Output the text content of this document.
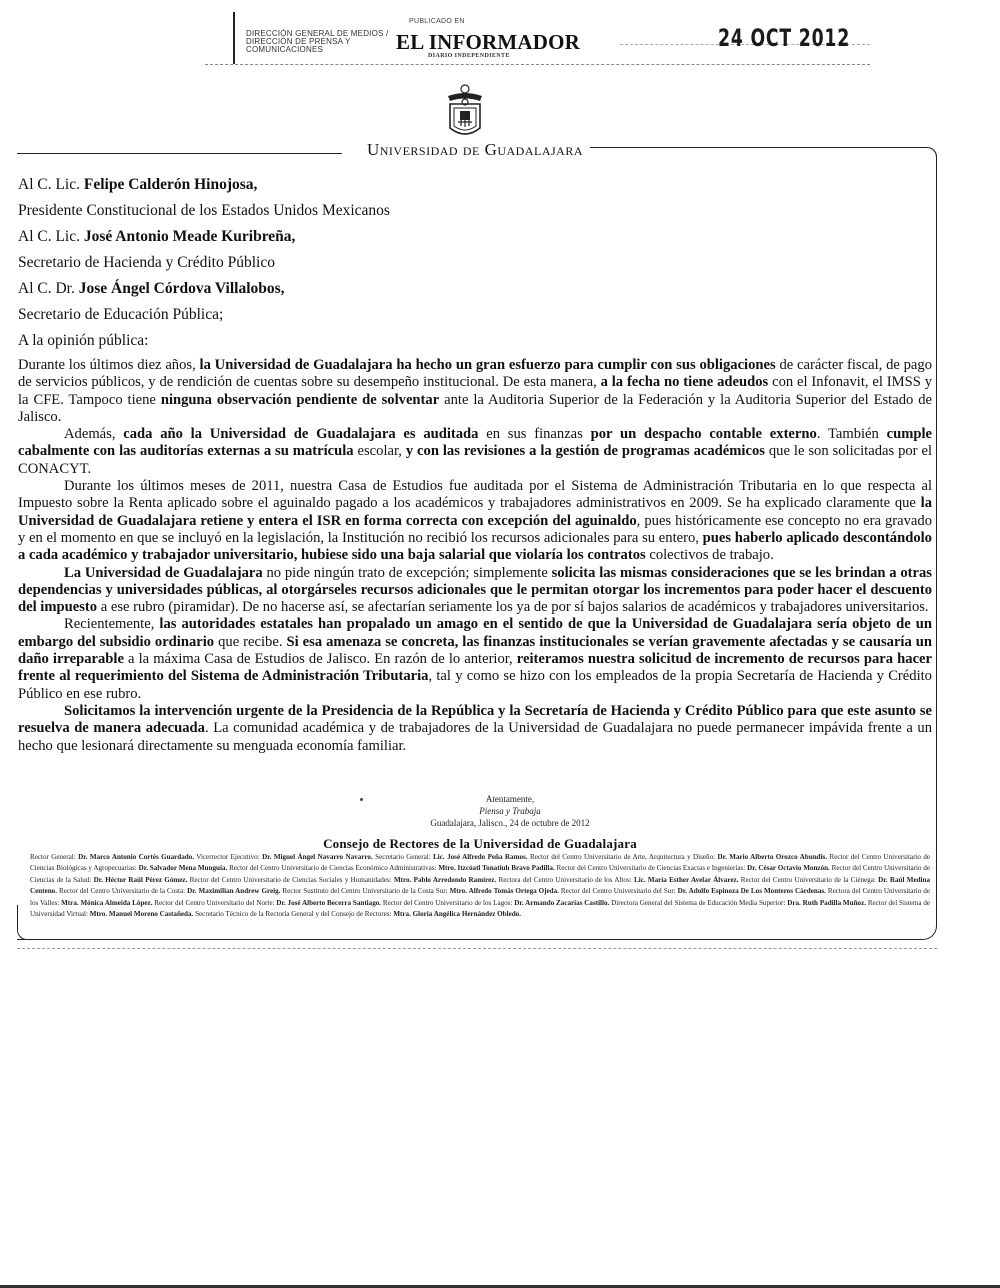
DIRECCIÓN GENERAL DE MEDIOS /
DIRECCIÓN DE PRENSA Y
COMUNICACIONES
PUBLICADO EN
EL INFORMADOR
DIARIO INDEPENDIENTE
24 OCT 2012
Universidad de Guadalajara
Al C. Lic. Felipe Calderón Hinojosa,
Presidente Constitucional de los Estados Unidos Mexicanos
Al C. Lic. José Antonio Meade Kuribreña,
Secretario de Hacienda y Crédito Público
Al C. Dr. Jose Ángel Córdova Villalobos,
Secretario de Educación Pública;
A la opinión pública:

Durante los últimos diez años, la Universidad de Guadalajara ha hecho un gran esfuerzo para cumplir con sus obligaciones de carácter fiscal, de pago de servicios públicos, y de rendición de cuentas sobre su desempeño institucional. De esta manera, a la fecha no tiene adeudos con el Infonavit, el IMSS y la CFE. Tampoco tiene ninguna observación pendiente de solventar ante la Auditoria Superior de la Federación y la Auditoria Superior del Estado de Jalisco.

Además, cada año la Universidad de Guadalajara es auditada en sus finanzas por un despacho contable externo. También cumple cabalmente con las auditorías externas a su matrícula escolar, y con las revisiones a la gestión de programas académicos que le son solicitadas por el CONACYT.

Durante los últimos meses de 2011, nuestra Casa de Estudios fue auditada por el Sistema de Administración Tributaria en lo que respecta al Impuesto sobre la Renta aplicado sobre el aguinaldo pagado a los académicos y trabajadores administrativos en 2009. Se ha explicado claramente que la Universidad de Guadalajara retiene y entera el ISR en forma correcta con excepción del aguinaldo, pues históricamente ese concepto no era gravado y en el momento en que se incluyó en la legislación, la Institución no recibió los recursos adicionales para su entero, pues haberlo aplicado descontándolo a cada académico y trabajador universitario, hubiese sido una baja salarial que violaría los contratos colectivos de trabajo.

La Universidad de Guadalajara no pide ningún trato de excepción; simplemente solicita las mismas consideraciones que se les brindan a otras dependencias y universidades públicas, al otorgárseles recursos adicionales que le permitan otorgar los incrementos para poder hacer el descuento del impuesto a ese rubro (piramidar). De no hacerse así, se afectarían seriamente los ya de por sí bajos salarios de académicos y trabajadores universitarios.

Recientemente, las autoridades estatales han propalado un amago en el sentido de que la Universidad de Guadalajara sería objeto de un embargo del subsidio ordinario que recibe. Si esa amenaza se concreta, las finanzas institucionales se verían gravemente afectadas y se causaría un daño irreparable a la máxima Casa de Estudios de Jalisco. En razón de lo anterior, reiteramos nuestra solicitud de incremento de recursos para hacer frente al requerimiento del Sistema de Administración Tributaria, tal y como se hizo con los empleados de la propia Secretaría de Hacienda y Crédito Público en ese rubro.

Solicitamos la intervención urgente de la Presidencia de la República y la Secretaría de Hacienda y Crédito Público para que este asunto se resuelva de manera adecuada. La comunidad académica y de trabajadores de la Universidad de Guadalajara no puede permanecer impávida frente a un hecho que lesionará directamente su menguada economía familiar.

Atentamente,
Piensa y Trabaja
Guadalajara, Jalisco., 24 de octubre de 2012
Consejo de Rectores de la Universidad de Guadalajara
Rector General: Dr. Marco Antonio Cortés Guardado. Vicerrector Ejecutivo: Dr. Miguel Ángel Navarro Navarro. Secretario General: Lic. José Alfredo Peña Ramos. Rector del Centro Universitario de Arte, Arquitectura y Diseño: Dr. Mario Alberto Orozco Abundis. Rector del Centro Universitario de Ciencias Biológicas y Agropecuarias: Dr. Salvador Mena Munguía. Rector del Centro Universitario de Ciencias Económico Administrativas: Mtro. Itzcóatl Tonatiuh Bravo Padilla. Rector del Centro Universitario de Ciencias Exactas e Ingenierías: Dr. César Octavio Monzón. Rector del Centro Universitario de Ciencias de la Salud: Dr. Héctor Raúl Pérez Gómez. Rector del Centro Universitario de Ciencias Sociales y Humanidades: Mtro. Pablo Arredondo Ramírez. Rectora del Centro Universitario de los Altos: Lic. María Esther Avelar Álvarez. Rector del Centro Universitario de la Ciénega: Dr. Raúl Medina Centeno. Rector del Centro Universitario de la Costa: Dr. Maximilian Andrew Greig. Rector Sustituto del Centro Universitario de la Costa Sur: Mtro. Alfredo Tomás Ortega Ojeda. Rector del Centro Universitario del Sur: Dr. Adolfo Espinoza De Los Monteros Cárdenas. Rectora del Centro Universitario de los Valles: Mtra. Mónica Almeida López. Rector del Centro Universitario del Norte: Dr. José Alberto Becerra Santiago. Rector del Centro Universitario de los Lagos: Dr. Armando Zacarías Castillo. Directora General del Sistema de Educación Media Superior: Dra. Ruth Padilla Muñoz. Rector del Sistema de Universidad Virtual: Mtro. Manuel Moreno Castañeda. Secretario Técnico de la Rectoría General y del Consejo de Rectores: Mtra. Gloria Angélica Hernández Obledo.
